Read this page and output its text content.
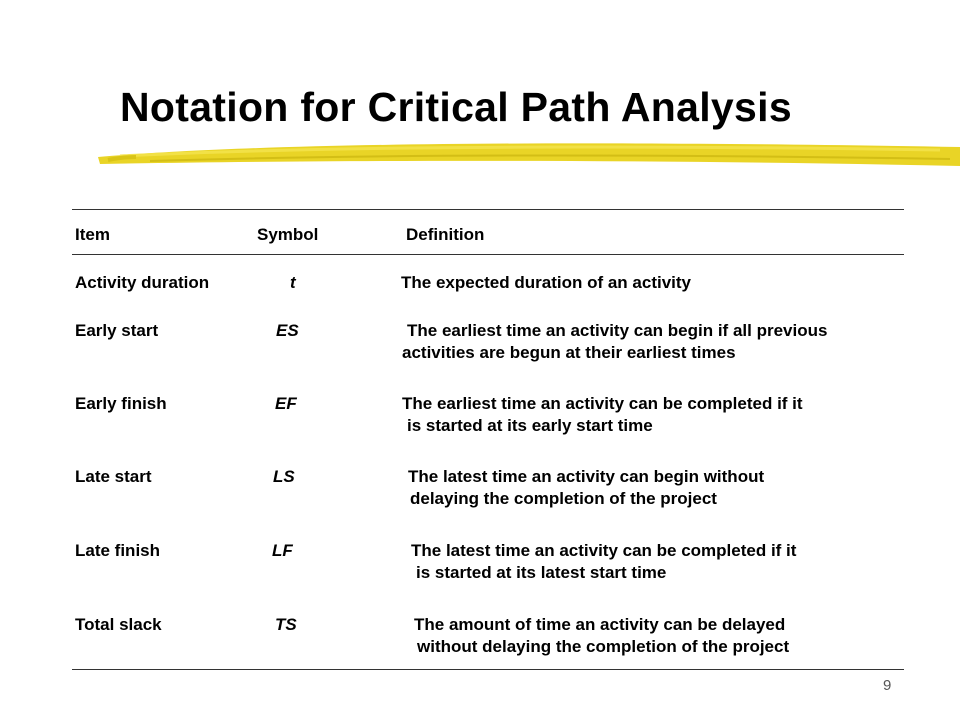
Notation for Critical Path Analysis
Item	Symbol	Definition
Activity duration	t	The expected duration of an activity
Early start	ES	The earliest time an activity can begin if all previous
activities are begun at their earliest times
Early finish	EF	The earliest time an activity can be completed if it
is started at its early start time
Late start	LS	The latest time an activity can begin without
delaying the completion of the project
Late finish	LF	The latest time an activity can be completed if it
is started at its latest start time
Total slack	TS	The amount of time an activity can be delayed
without delaying the completion of the project
9
